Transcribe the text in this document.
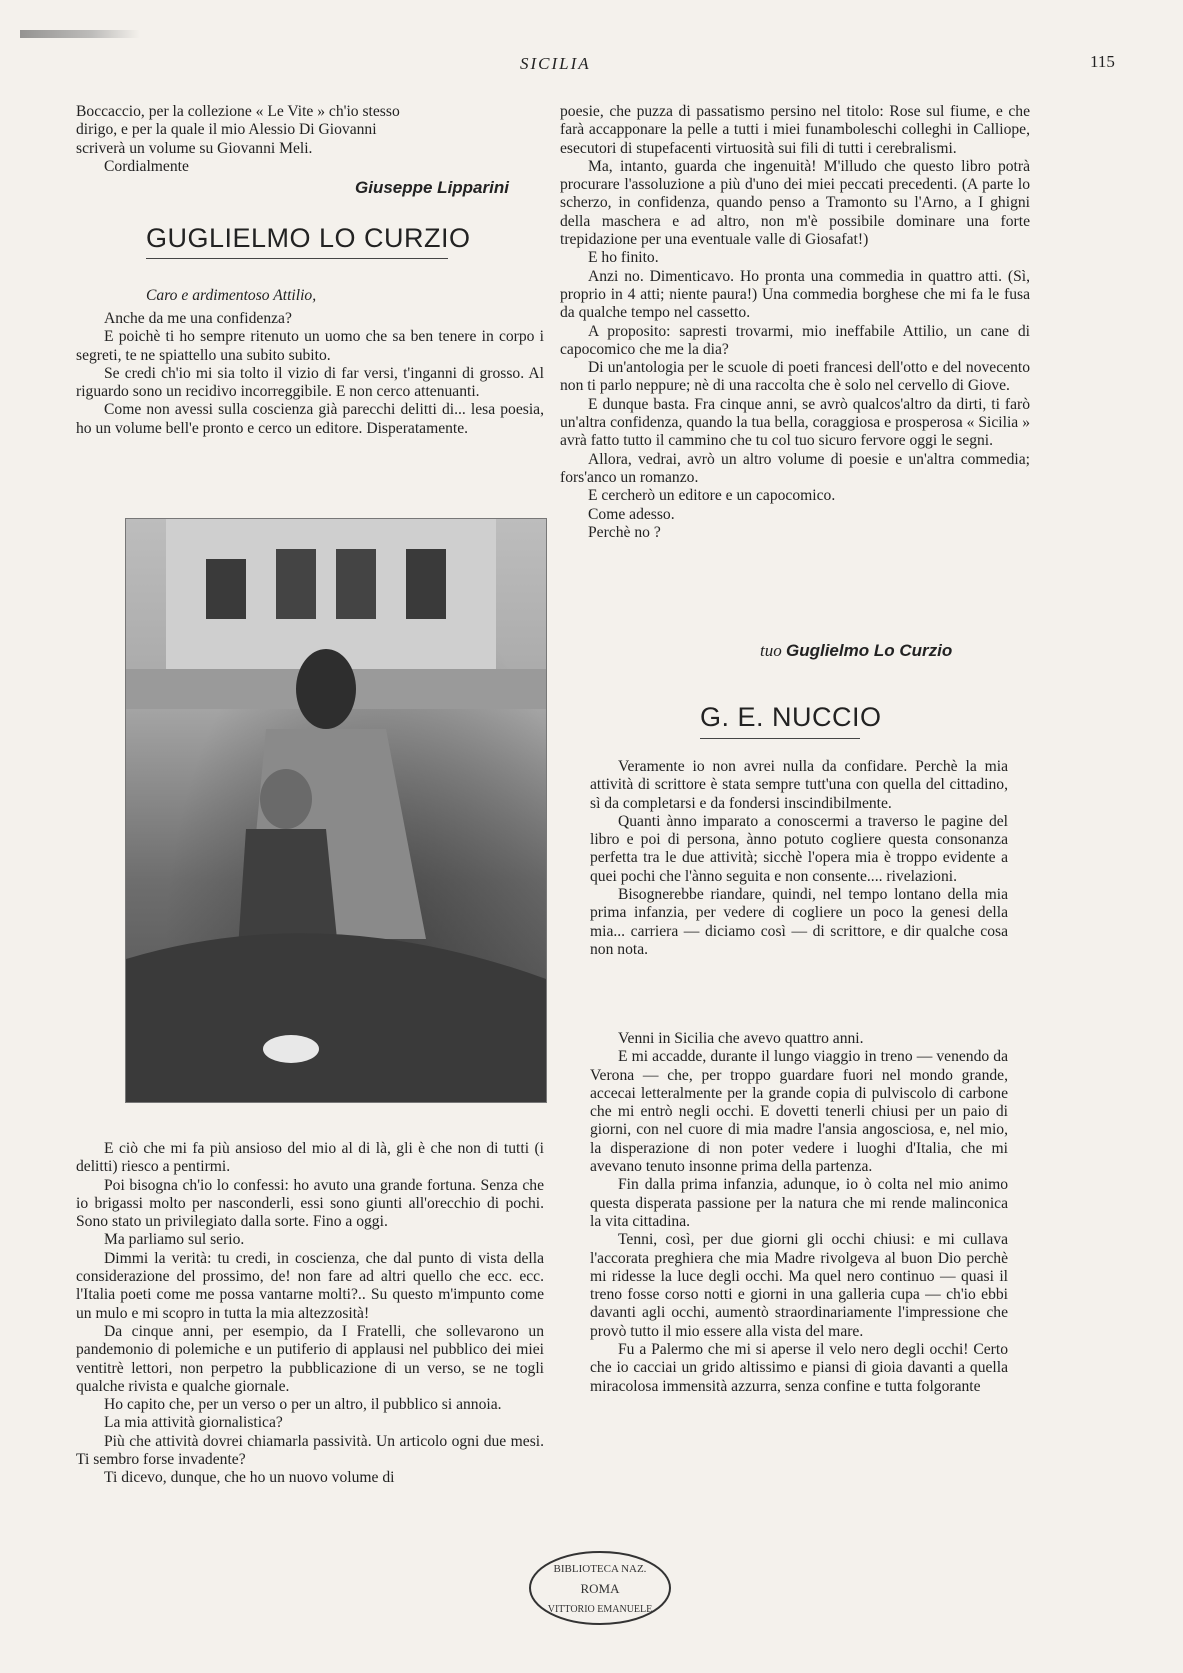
SICILIA	115

Boccaccio, per la collezione « Le Vite » ch'io stesso

dirigo, e per la quale il mio Alessio Di Giovanni

scriverà un volume su Giovanni Meli.

Cordialmente

Giuseppe Lipparini
GUGLIELMO LO CURZIO
Caro e ardimentoso Attilio,

Anche da me una confidenza?

E poichè ti ho sempre ritenuto un uomo che sa ben tenere in corpo i segreti, te ne spiattello una subito subito.

Se credi ch'io mi sia tolto il vizio di far versi, t'inganni di grosso. Al riguardo sono un recidivo incorreggibile. E non cerco attenuanti.

Come non avessi sulla coscienza già parecchi delitti di... lesa poesia, ho un volume bell'e pronto e cerco un editore. Disperatamente.

E ciò che mi fa più ansioso del mio al di là, gli è che non di tutti (i delitti) riesco a pentirmi.

Poi bisogna ch'io lo confessi: ho avuto una grande fortuna. Senza che io brigassi molto per nasconderli, essi sono giunti all'orecchio di pochi. Sono stato un privilegiato dalla sorte. Fino a oggi.

Ma parliamo sul serio.

Dimmi la verità: tu credi, in coscienza, che dal punto di vista della considerazione del prossimo, de! non fare ad altri quello che ecc. ecc. l'Italia poeti come me possa vantarne molti?.. Su questo m'impunto come un mulo e mi scopro in tutta la mia altezzosità!

Da cinque anni, per esempio, da I Fratelli, che sollevarono un pandemonio di polemiche e un putiferio di applausi nel pubblico dei miei ventitrè lettori, non perpetro la pubblicazione di un verso, se ne togli qualche rivista e qualche giornale.

Ho capito che, per un verso o per un altro, il pubblico si annoia.

La mia attività giornalistica?

Più che attività dovrei chiamarla passività. Un articolo ogni due mesi. Ti sembro forse invadente?

Ti dicevo, dunque, che ho un nuovo volume di

poesie, che puzza di passatismo persino nel titolo: Rose sul fiume, e che farà accapponare la pelle a tutti i miei funamboleschi colleghi in Calliope, esecutori di stupefacenti virtuosità sui fili di tutti i cerebralismi.

Ma, intanto, guarda che ingenuità! M'illudo che questo libro potrà procurare l'assoluzione a più d'uno dei miei peccati precedenti. (A parte lo scherzo, in confidenza, quando penso a Tramonto su l'Arno, a I ghigni della maschera e ad altro, non m'è possibile dominare una forte trepidazione per una eventuale valle di Giosafat!)

E ho finito.

Anzi no. Dimenticavo. Ho pronta una commedia in quattro atti. (Sì, proprio in 4 atti; niente paura!) Una commedia borghese che mi fa le fusa da qualche tempo nel cassetto.

A proposito: sapresti trovarmi, mio ineffabile Attilio, un cane di capocomico che me la dia?

Di un'antologia per le scuole di poeti francesi dell'otto e del novecento non ti parlo neppure; nè di una raccolta che è solo nel cervello di Giove.

E dunque basta. Fra cinque anni, se avrò qualcos'altro da dirti, ti farò un'altra confidenza, quando la tua bella, coraggiosa e prosperosa « Sicilia » avrà fatto tutto il cammino che tu col tuo sicuro fervore oggi le segni.

Allora, vedrai, avrò un altro volume di poesie e un'altra commedia; fors'anco un romanzo.

E cercherò un editore e un capocomico.

Come adesso.

Perchè no ?

tuo Guglielmo Lo Curzio
G. E. NUCCIO

Veramente io non avrei nulla da confidare. Perchè la mia attività di scrittore è stata sempre tutt'una con quella del cittadino, sì da completarsi e da fondersi inscindibilmente.

Quanti ànno imparato a conoscermi a traverso le pagine del libro e poi di persona, ànno potuto cogliere questa consonanza perfetta tra le due attività; sicchè l'opera mia è troppo evidente a quei pochi che l'ànno seguita e non consente.... rivelazioni.

Bisognerebbe riandare, quindi, nel tempo lontano della mia prima infanzia, per vedere di cogliere un poco la genesi della mia... carriera — diciamo così — di scrittore, e dir qualche cosa non nota.

Venni in Sicilia che avevo quattro anni.

E mi accadde, durante il lungo viaggio in treno — venendo da Verona — che, per troppo guardare fuori nel mondo grande, accecai letteralmente per la grande copia di pulviscolo di carbone che mi entrò negli occhi. E dovetti tenerli chiusi per un paio di giorni, con nel cuore di mia madre l'ansia angosciosa, e, nel mio, la disperazione di non poter vedere i luoghi d'Italia, che mi avevano tenuto insonne prima della partenza.

Fin dalla prima infanzia, adunque, io ò colta nel mio animo questa disperata passione per la natura che mi rende malinconica la vita cittadina.

Tenni, così, per due giorni gli occhi chiusi: e mi cullava l'accorata preghiera che mia Madre rivolgeva al buon Dio perchè mi ridesse la luce degli occhi. Ma quel nero continuo — quasi il treno fosse corso notti e giorni in una galleria cupa — ch'io ebbi davanti agli occhi, aumentò straordinariamente l'impressione che provò tutto il mio essere alla vista del mare.

Fu a Palermo che mi si aperse il velo nero degli occhi! Certo che io cacciai un grido altissimo e piansi di gioia davanti a quella miracolosa immensità azzurra, senza confine e tutta folgorante

BIBLIOTECA NAZ.
ROMA
VITTORIO EMANUELE
